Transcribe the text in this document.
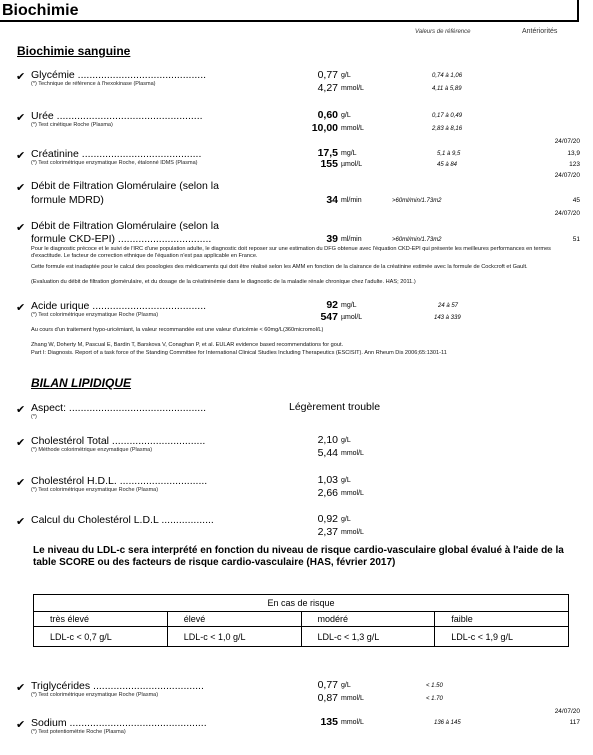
Biochimie
Valeurs de référence	Antériorités
Biochimie sanguine
✔ Glycémie ............................................
(*) Technique de référence à l'hexokinase (Plasma)
0,77 g/L	0,74 à 1,06
4,27 mmol/L	4,11 à 5,89
✔ Urée ..................................................
(*) Test cinétique Roche (Plasma)
0,60 g/L	0,17 à 0,49
10,00 mmol/L	2,83 à 8,16
24/07/20
✔ Créatinine .........................................
(*) Test colorimétrique enzymatique Roche, étalonné IDMS (Plasma)
17,5 mg/L	5,1 à 9,5	13,9
155 µmol/L	45 à 84	123
24/07/20
✔ Débit de Filtration Glomérulaire (selon la
formule MDRD)	34 ml/min	>60ml/min/1.73m2	45
24/07/20
✔ Débit de Filtration Glomérulaire (selon la
formule CKD-EPI) ................................	39 ml/min	>60ml/min/1.73m2	51
Pour le diagnostic précoce et le suivi de l'IRC d'une population adulte, le diagnostic doit reposer sur une estimation du DFG obtenue avec l'équation CKD-EPI qui présente les meilleures performances en termes d'exactitude. Le facteur de correction ethnique de l'équation n'est pas applicable en France.
Cette formule est inadaptée pour le calcul des posologies des médicaments qui doit être réalisé selon les AMM en fonction de la clairance de la créatinine estimée avec la formule de Cockcroft et Gault.
(Evaluation du débit de filtration glomérulaire, et du dosage de la créatininémie dans le diagnostic de la maladie rénale chronique chez l'adulte. HAS; 2011.)
✔ Acide urique .......................................
(*) Test colorimétrique enzymatique Roche (Plasma)
92 mg/L	24 à 57
547 µmol/L	143 à 339
Au cours d'un traitement hypo-uricémiant, la valeur recommandée est une valeur d'uricémie < 60mg/L(360micromol/L)
Zhang W, Doherty M, Pascual E, Bardin T, Barskova V, Conaghan P, et al. EULAR evidence based recommendations for gout.
Part I: Diagnosis. Report of a task force of the Standing Committee for International Clinical Studies Including Therapeutics (ESCISIT). Ann Rheum Dis 2006;65:1301-11
BILAN LIPIDIQUE
✔ Aspect: ...............................................
(*)
Légèrement trouble
✔ Cholestérol Total ................................
(*) Méthode colorimétrique enzymatique (Plasma)
2,10 g/L
5,44 mmol/L
✔ Cholestérol H.D.L. ..............................
(*) Test colorimétrique enzymatique Roche (Plasma)
1,03 g/L
2,66 mmol/L
✔ Calcul du Cholestérol L.D.L ..................	0,92 g/L
2,37 mmol/L
Le niveau du LDL-c sera interprété en fonction du niveau de risque cardio-vasculaire global évalué à l'aide de la table SCORE ou des facteurs de risque cardio-vasculaire (HAS, février 2017)
En cas de risque			
très élevé	élevé	modéré	faible
LDL-c < 0,7 g/L	LDL-c < 1,0 g/L	LDL-c < 1,3 g/L	LDL-c < 1,9 g/L
✔ Triglycérides ......................................
(*) Test colorimétrique enzymatique Roche (Plasma)
0,77 g/L	< 1.50
0,87 mmol/L	< 1.70
24/07/20
✔ Sodium ...............................................
(*) Test potentiométrie Roche (Plasma)
135 mmol/L	136 à 145	117
